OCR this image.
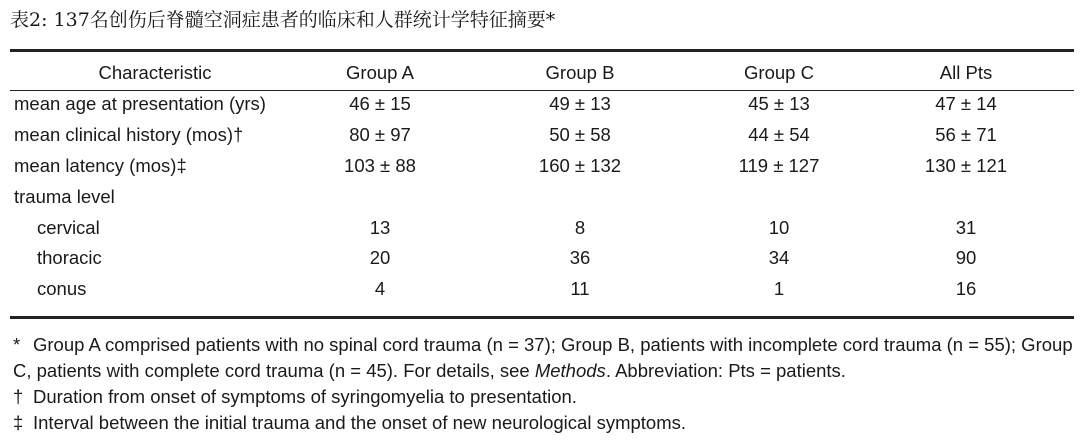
表2: 137名创伤后脊髓空洞症患者的临床和人群统计学特征摘要*
Characteristic	Group A	Group B	Group C	All Pts
mean age at presentation (yrs)	46 ± 15	49 ± 13	45 ± 13	47 ± 14
mean clinical history (mos)†	80 ± 97	50 ± 58	44 ± 54	56 ± 71
mean latency (mos)‡	103 ± 88	160 ± 132	119 ± 127	130 ± 121
trauma level				
cervical	13	8	10	31
thoracic	20	36	34	90
conus	4	11	1	16
* Group A comprised patients with no spinal cord trauma (n = 37); Group B, patients with incomplete cord trauma (n = 55); Group
C, patients with complete cord trauma (n = 45). For details, see Methods. Abbreviation: Pts = patients.
† Duration from onset of symptoms of syringomyelia to presentation.
‡ Interval between the initial trauma and the onset of new neurological symptoms.
